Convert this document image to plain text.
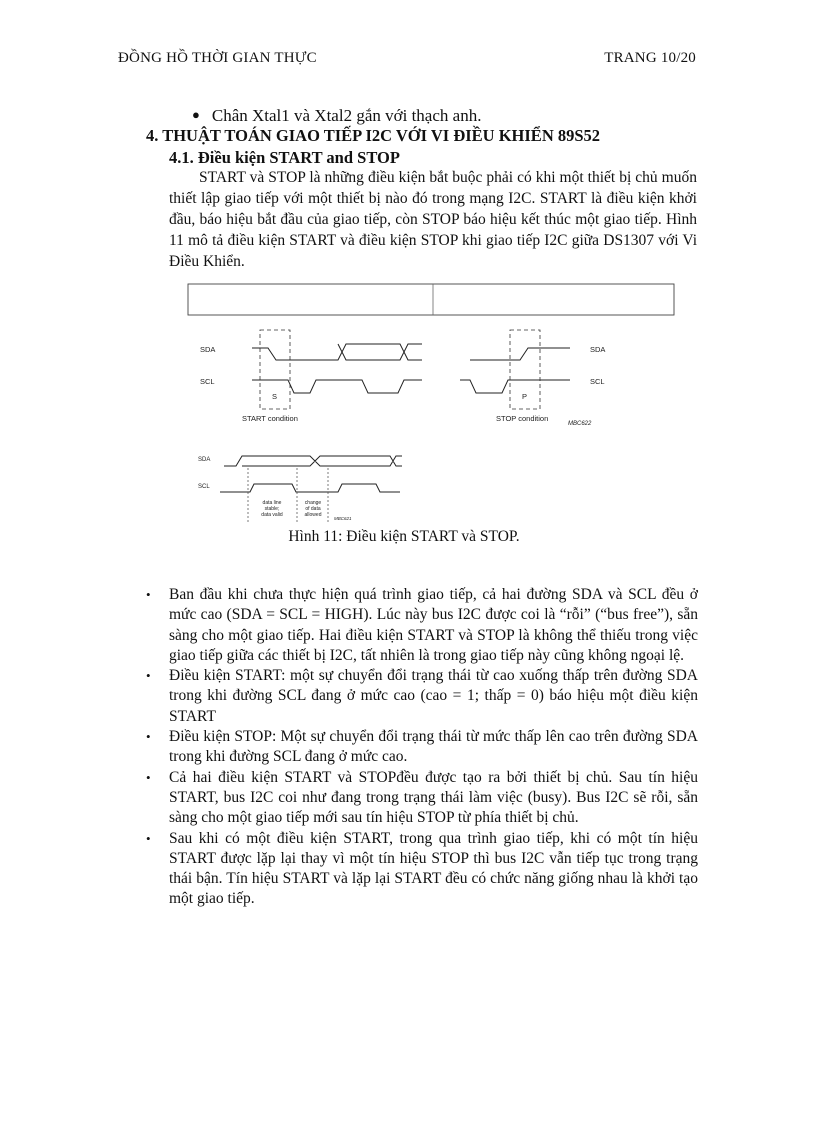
ĐỒNG HỒ THỜI GIAN THỰC	TRANG 10/20
● Chân Xtal1 và Xtal2 gắn với thạch anh.
4. THUẬT TOÁN GIAO TIẾP I2C VỚI VI ĐIỀU KHIỂN 89S52
4.1. Điều kiện START and STOP

START và STOP là những điều kiện bắt buộc phải có khi một thiết bị chủ muốn thiết lập giao tiếp với một thiết bị nào đó trong mạng I2C. START là điều kiện khởi đầu, báo hiệu bắt đầu của giao tiếp, còn STOP báo hiệu kết thúc một giao tiếp. Hình 11 mô tả điều kiện START và điều kiện STOP khi giao tiếp I2C giữa DS1307 với Vi Điều Khiển.

SDA
SCL
SDA
SCL
S	P
START condition	STOP condition
MBC622
SDA
SCL
data line
stable;
data valid
change
of data
allowed
MBC621
Hình 11: Điều kiện START và STOP.
• Ban đầu khi chưa thực hiện quá trình giao tiếp, cả hai đường SDA và SCL đều ở mức cao (SDA = SCL = HIGH). Lúc này bus I2C được coi là “rỗi” (“bus free”), sẵn sàng cho một giao tiếp. Hai điều kiện START và STOP là không thể thiếu trong việc giao tiếp giữa các thiết bị I2C, tất nhiên là trong giao tiếp này cũng không ngoại lệ.
• Điều kiện START: một sự chuyển đổi trạng thái từ cao xuống thấp trên đường SDA trong khi đường SCL đang ở mức cao (cao = 1; thấp = 0) báo hiệu một điều kiện START
• Điều kiện STOP: Một sự chuyển đổi trạng thái từ mức thấp lên cao trên đường SDA trong khi đường SCL đang ở mức cao.
• Cả hai điều kiện START và STOPđều được tạo ra bởi thiết bị chủ. Sau tín hiệu START, bus I2C coi như đang trong trạng thái làm việc (busy). Bus I2C sẽ rỗi, sẵn sàng cho một giao tiếp mới sau tín hiệu STOP từ phía thiết bị chủ.
• Sau khi có một điều kiện START, trong qua trình giao tiếp, khi có một tín hiệu START được lặp lại thay vì một tín hiệu STOP thì bus I2C vẫn tiếp tục trong trạng thái bận. Tín hiệu START và lặp lại START đều có chức năng giống nhau là khởi tạo một giao tiếp.
